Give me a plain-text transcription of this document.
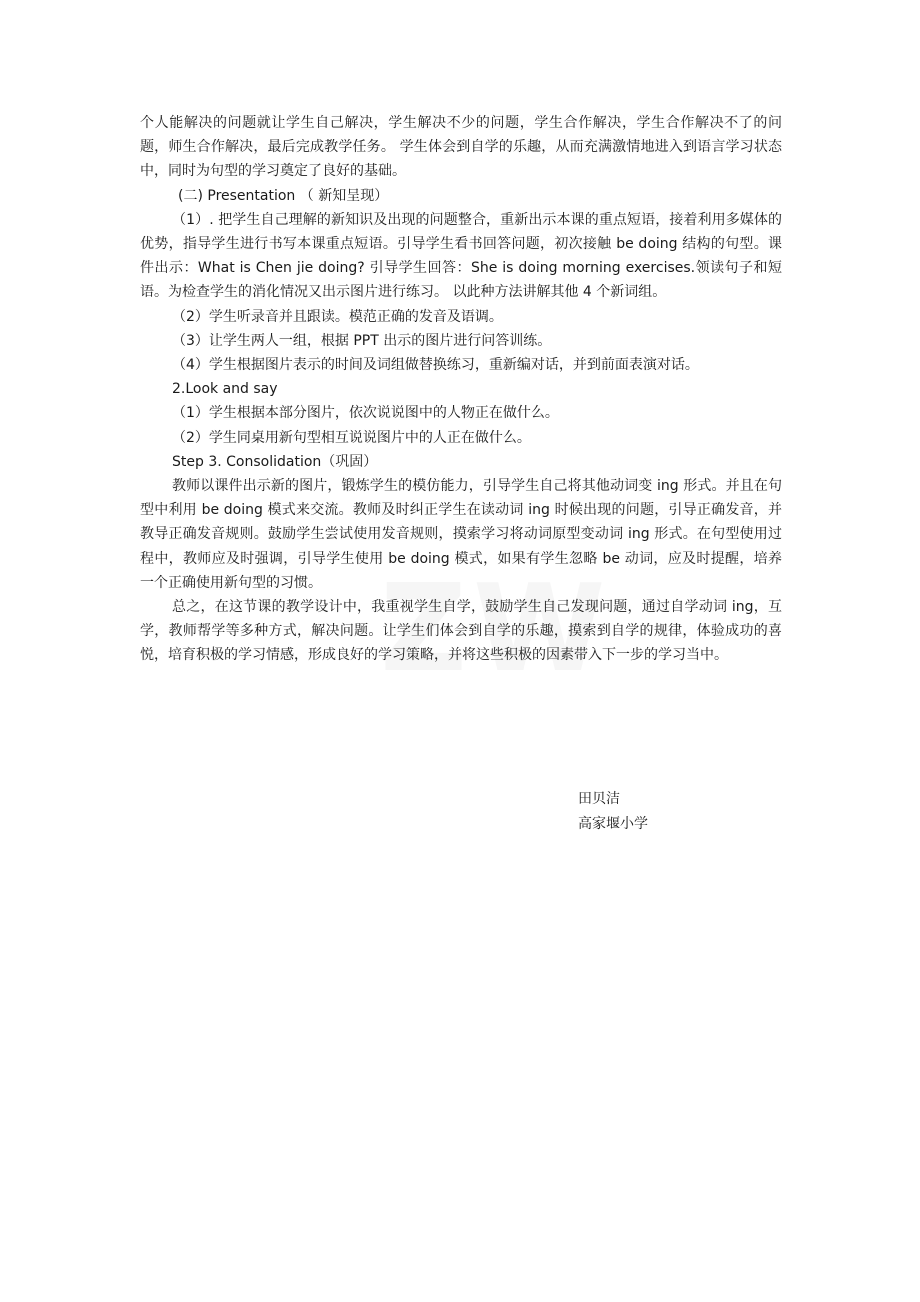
个人能解决的问题就让学生自己解决，学生解决不少的问题，学生合作解决，学生合作解决不了的问题，师生合作解决，最后完成教学任务。 学生体会到自学的乐趣，从而充满激情地进入到语言学习状态中，同时为句型的学习奠定了良好的基础。

(二) Presentation （ 新知呈现）

（1）. 把学生自己理解的新知识及出现的问题整合，重新出示本课的重点短语，接着利用多媒体的优势，指导学生进行书写本课重点短语。引导学生看书回答问题，初次接触 be doing 结构的句型。课件出示：What is Chen jie doing? 引导学生回答：She is doing morning exercises.领读句子和短语。为检查学生的消化情况又出示图片进行练习。 以此种方法讲解其他 4 个新词组。

（2）学生听录音并且跟读。模范正确的发音及语调。

（3）让学生两人一组，根据 PPT 出示的图片进行问答训练。

（4）学生根据图片表示的时间及词组做替换练习，重新编对话，并到前面表演对话。

2.Look and say

（1）学生根据本部分图片，依次说说图中的人物正在做什么。

（2）学生同桌用新句型相互说说图片中的人正在做什么。

Step 3. Consolidation（巩固）

教师以课件出示新的图片，锻炼学生的模仿能力，引导学生自己将其他动词变 ing 形式。并且在句型中利用 be doing 模式来交流。教师及时纠正学生在读动词 ing 时候出现的问题，引导正确发音，并教导正确发音规则。鼓励学生尝试使用发音规则，摸索学习将动词原型变动词 ing 形式。在句型使用过程中，教师应及时强调，引导学生使用 be doing 模式，如果有学生忽略 be 动词，应及时提醒，培养一个正确使用新句型的习惯。

总之，在这节课的教学设计中，我重视学生自学，鼓励学生自己发现问题，通过自学动词 ing，互学，教师帮学等多种方式，解决问题。让学生们体会到自学的乐趣，摸索到自学的规律，体验成功的喜悦，培育积极的学习情感，形成良好的学习策略，并将这些积极的因素带入下一步的学习当中。

田贝洁
高家堰小学
